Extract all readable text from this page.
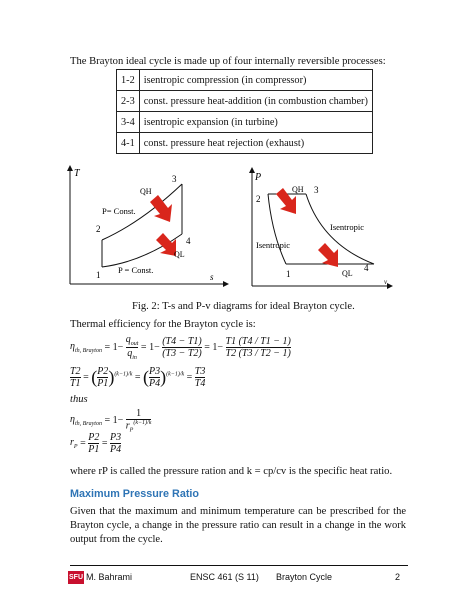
The Brayton ideal cycle is made up of four internally reversible processes:
1-2	isentropic compression (in compressor)
2-3	const. pressure heat-addition (in combustion chamber)
3-4	isentropic expansion (in turbine)
4-1	const. pressure heat rejection (exhaust)
T
s
1
2
3
4
QH
QL
P= Const.
P = Const.
P
v
1
2
3
4
QH
QL
Isentropic
Isentropic
Fig. 2: T-s and P-v diagrams for ideal Brayton cycle.
Thermal efficiency for the Brayton cycle is:
$\eta_{th, Brayton} = 1- \frac{q_{out}}{q_{in}} = 1- \frac{(T4 - T1)}{(T3 - T2)} = 1- \frac{T1 (T4 / T1 - 1)}{T2 (T3 / T2 - 1)}$
$\frac{T2}{T1}$ = ( $\frac{P2}{P1} )^{(k-1)/k}$ = ( $\frac{P3}{P4} )^{(k-1)/k} = \frac{T3}{T4}$
thus
$\eta_{th, Brayton} = 1- \frac{1}{r_P^{(k-1)/k}}$
$r_P = \frac{P2}{P1} = \frac{P3}{P4}$
where rP is called the pressure ration and k = cp/cv is the specific heat ratio.
Maximum Pressure Ratio
Given that the maximum and minimum temperature can be prescribed for the Brayton cycle, a change in the pressure ratio can result in a change in the work output from the cycle.
SFU M. Bahrami	ENSC 461 (S 11) Brayton Cycle	2
